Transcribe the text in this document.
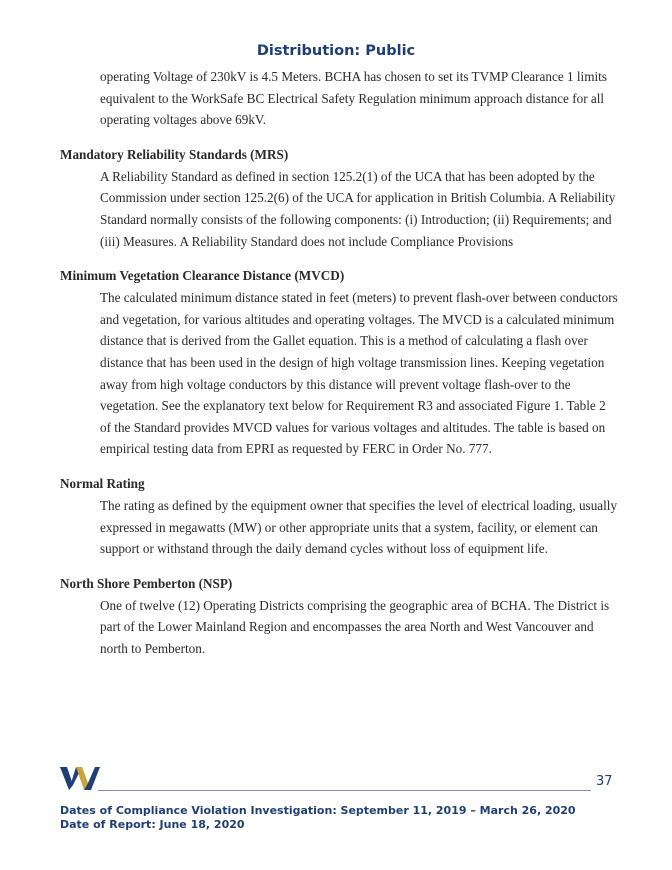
Distribution: Public

operating Voltage of 230kV is 4.5 Meters. BCHA has chosen to set its TVMP Clearance 1 limits equivalent to the WorkSafe BC Electrical Safety Regulation minimum approach distance for all operating voltages above 69kV.

Mandatory Reliability Standards (MRS)

A Reliability Standard as defined in section 125.2(1) of the UCA that has been adopted by the Commission under section 125.2(6) of the UCA for application in British Columbia. A Reliability Standard normally consists of the following components: (i) Introduction; (ii) Requirements; and (iii) Measures. A Reliability Standard does not include Compliance Provisions

Minimum Vegetation Clearance Distance (MVCD)

The calculated minimum distance stated in feet (meters) to prevent flash-over between conductors and vegetation, for various altitudes and operating voltages. The MVCD is a calculated minimum distance that is derived from the Gallet equation. This is a method of calculating a flash over distance that has been used in the design of high voltage transmission lines. Keeping vegetation away from high voltage conductors by this distance will prevent voltage flash-over to the vegetation. See the explanatory text below for Requirement R3 and associated Figure 1. Table 2 of the Standard provides MVCD values for various voltages and altitudes. The table is based on empirical testing data from EPRI as requested by FERC in Order No. 777.

Normal Rating

The rating as defined by the equipment owner that specifies the level of electrical loading, usually expressed in megawatts (MW) or other appropriate units that a system, facility, or element can support or withstand through the daily demand cycles without loss of equipment life.

North Shore Pemberton (NSP)

One of twelve (12) Operating Districts comprising the geographic area of BCHA. The District is part of the Lower Mainland Region and encompasses the area North and West Vancouver and north to Pemberton.

37
Dates of Compliance Violation Investigation: September 11, 2019 – March 26, 2020
Date of Report: June 18, 2020
